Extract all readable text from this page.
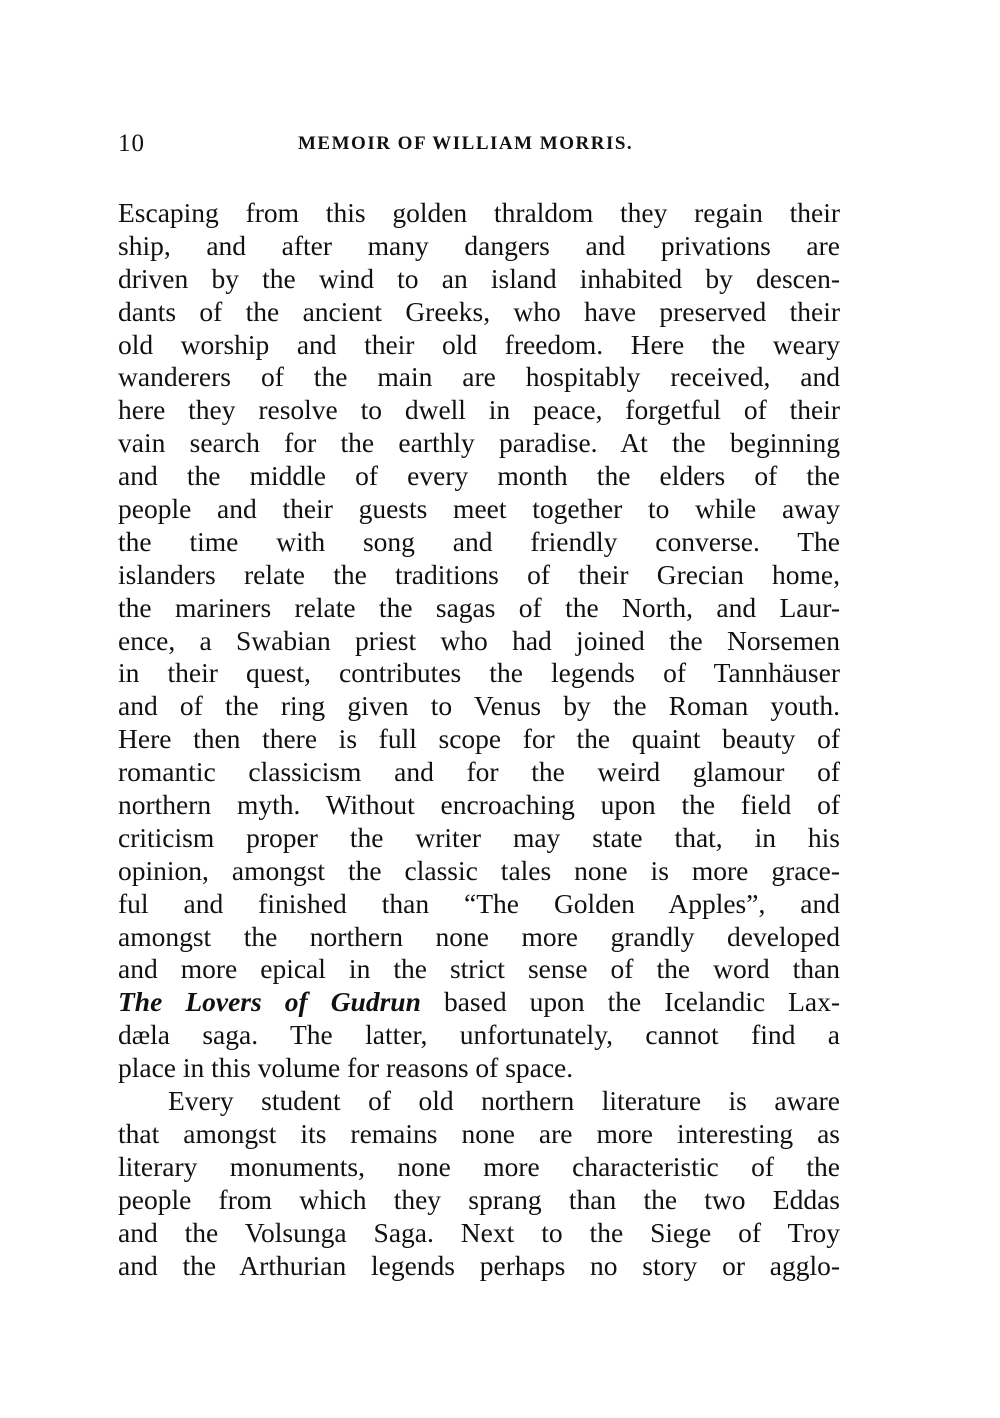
10	MEMOIR OF WILLIAM MORRIS.
Escaping from this golden thraldom they regain their
ship, and after many dangers and privations are
driven by the wind to an island inhabited by descen-
dants of the ancient Greeks, who have preserved their
old worship and their old freedom. Here the weary
wanderers of the main are hospitably received, and
here they resolve to dwell in peace, forgetful of their
vain search for the earthly paradise. At the beginning
and the middle of every month the elders of the
people and their guests meet together to while away
the time with song and friendly converse. The
islanders relate the traditions of their Grecian home,
the mariners relate the sagas of the North, and Laur-
ence, a Swabian priest who had joined the Norsemen
in their quest, contributes the legends of Tannhäuser
and of the ring given to Venus by the Roman youth.
Here then there is full scope for the quaint beauty of
romantic classicism and for the weird glamour of
northern myth. Without encroaching upon the field of
criticism proper the writer may state that, in his
opinion, amongst the classic tales none is more grace-
ful and finished than “The Golden Apples”, and
amongst the northern none more grandly developed
and more epical in the strict sense of the word than
The Lovers of Gudrun based upon the Icelandic Lax-
dæla saga. The latter, unfortunately, cannot find a
place in this volume for reasons of space.
Every student of old northern literature is aware
that amongst its remains none are more interesting as
literary monuments, none more characteristic of the
people from which they sprang than the two Eddas
and the Volsunga Saga. Next to the Siege of Troy
and the Arthurian legends perhaps no story or agglo-
